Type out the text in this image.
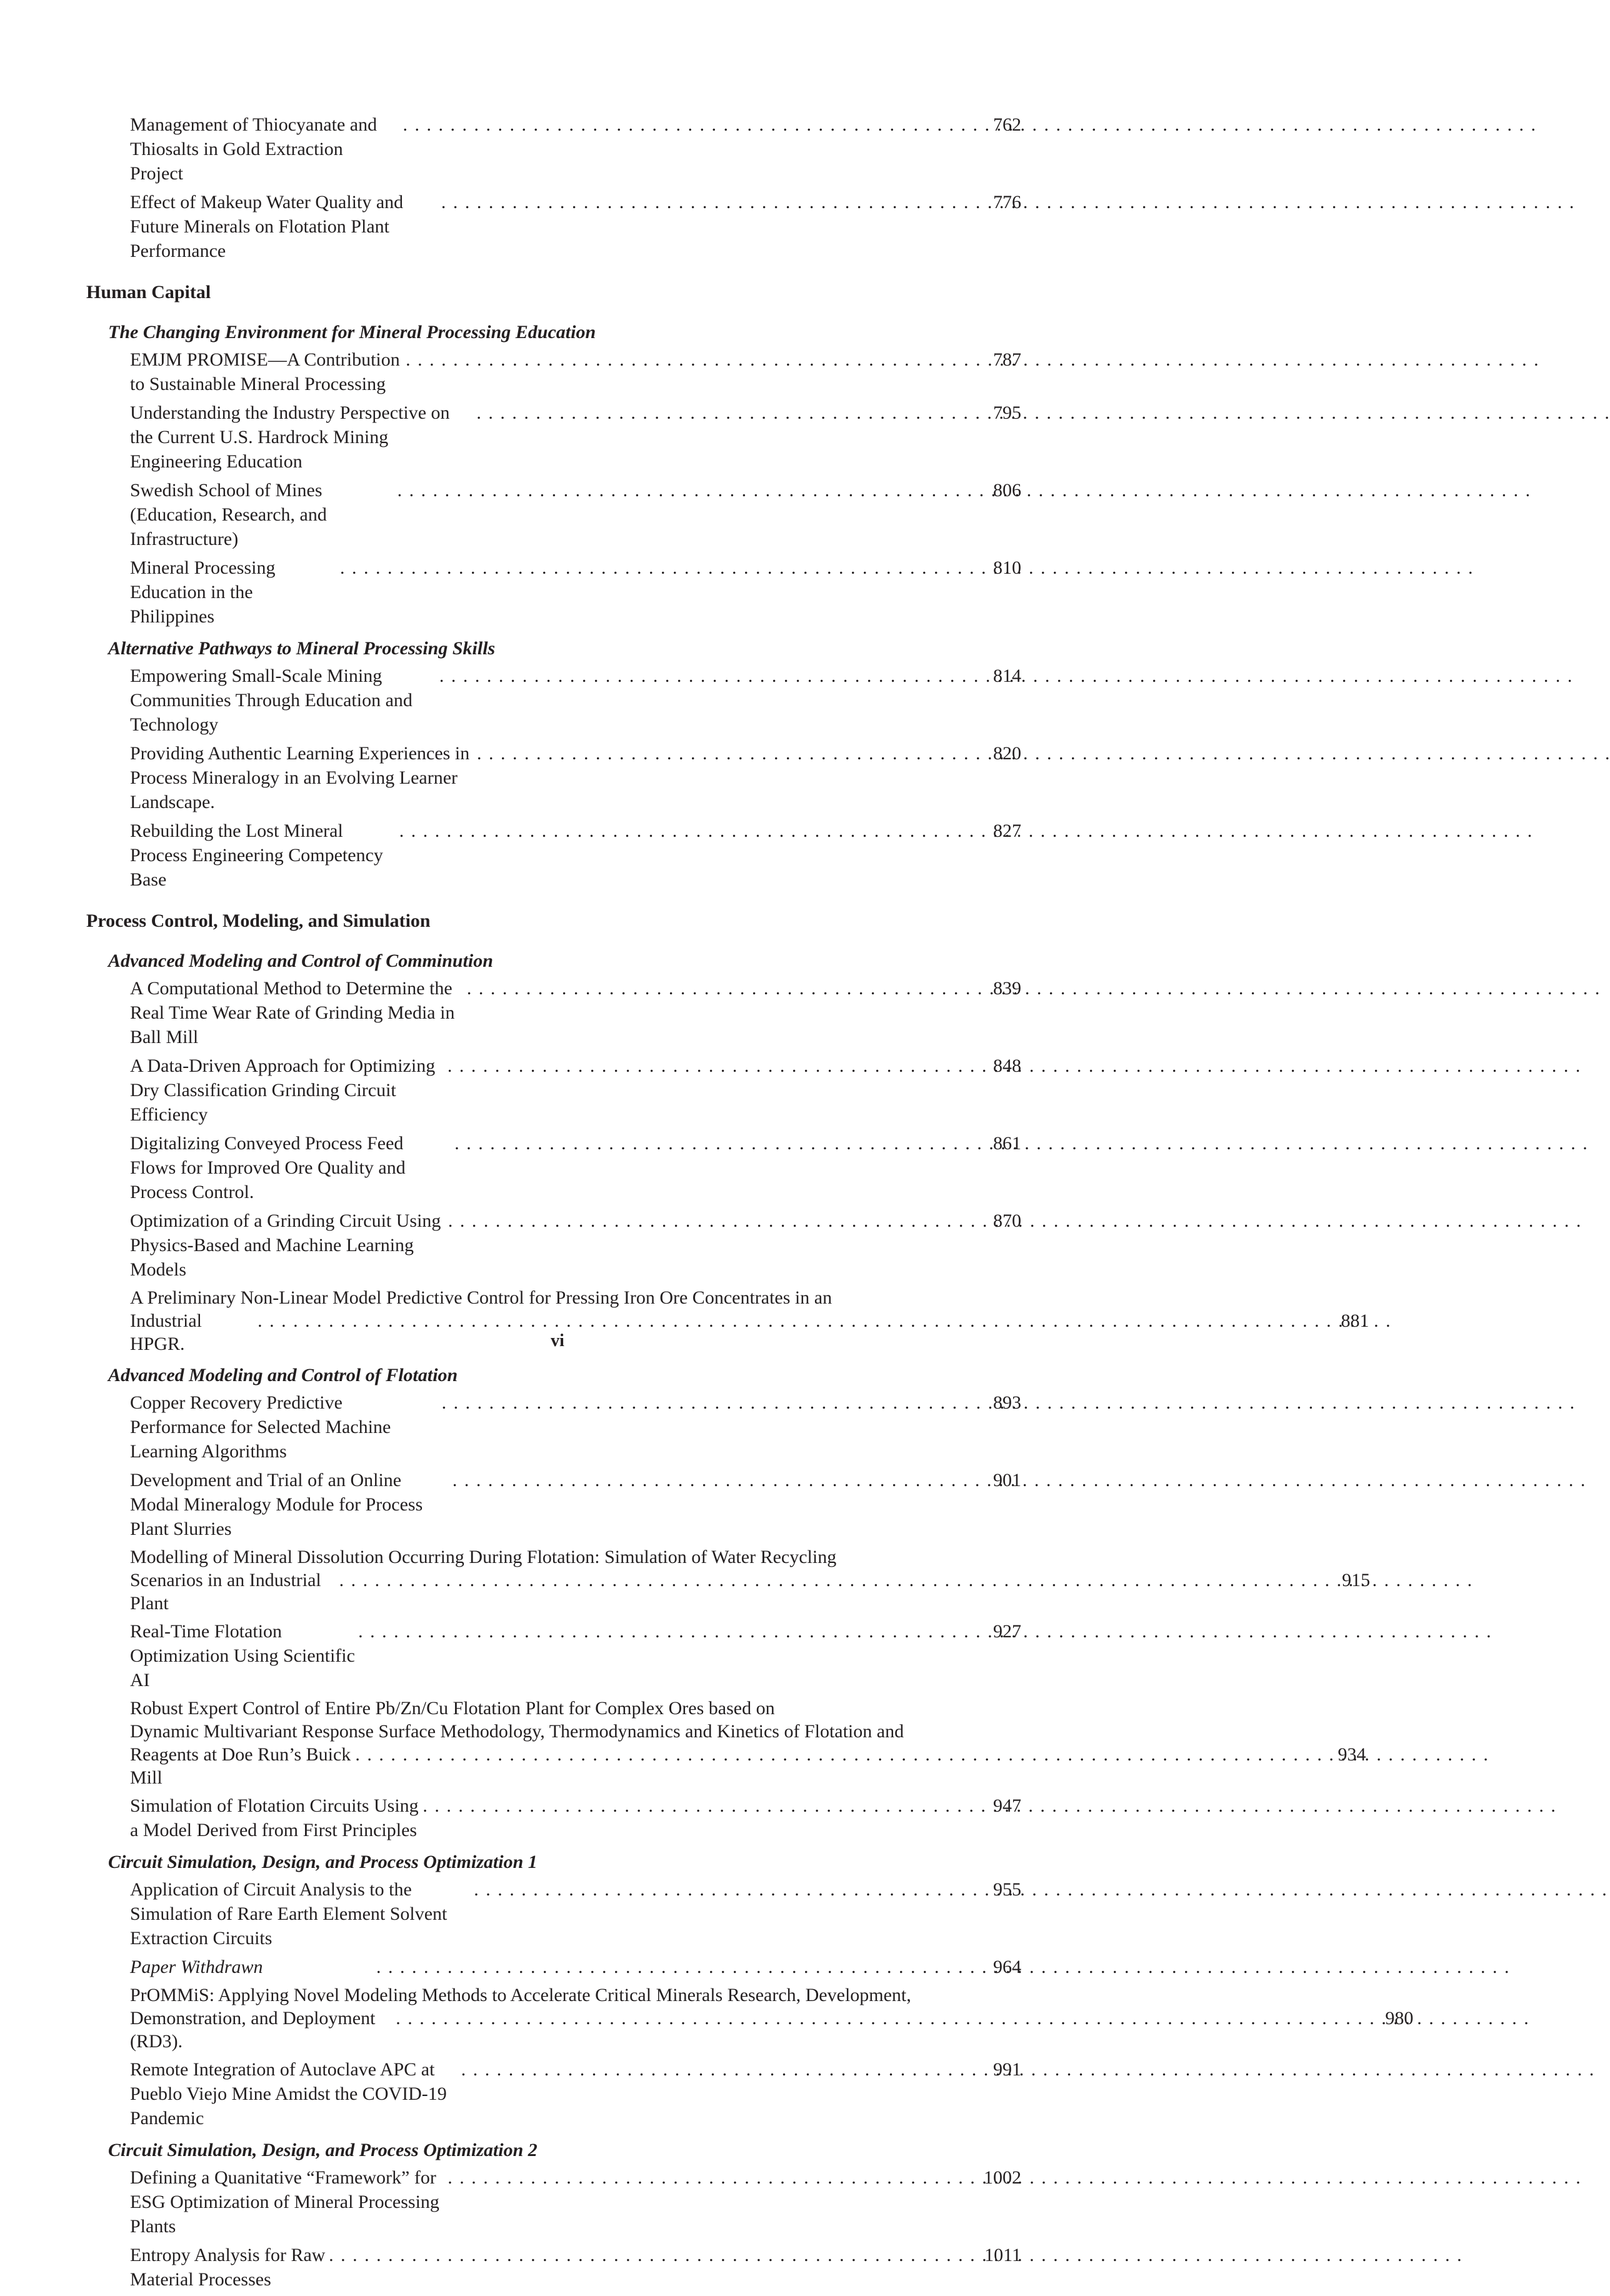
Management of Thiocyanate and Thiosalts in Gold Extraction Project
. . .
762
Effect of Makeup Water Quality and Future Minerals on Flotation Plant Performance
. . .
776
Human Capital
The Changing Environment for Mineral Processing Education
EMJM PROMISE—A Contribution to Sustainable Mineral Processing
. . .
787
Understanding the Industry Perspective on the Current U.S. Hardrock Mining Engineering Education
. . .
795
Swedish School of Mines (Education, Research, and Infrastructure)
. . .
806
Mineral Processing Education in the Philippines
. . .
810
Alternative Pathways to Mineral Processing Skills
Empowering Small-Scale Mining Communities Through Education and Technology
. . .
814
Providing Authentic Learning Experiences in Process Mineralogy in an Evolving Learner Landscape.
. . .
820
Rebuilding the Lost Mineral Process Engineering Competency Base
. . .
827
Process Control, Modeling, and Simulation
Advanced Modeling and Control of Comminution
A Computational Method to Determine the Real Time Wear Rate of Grinding Media in Ball Mill
. . .
839
A Data-Driven Approach for Optimizing Dry Classification Grinding Circuit Efficiency
. . .
848
Digitalizing Conveyed Process Feed Flows for Improved Ore Quality and Process Control.
. . .
861
Optimization of a Grinding Circuit Using Physics-Based and Machine Learning Models
. . .
870
A Preliminary Non-Linear Model Predictive Control for Pressing Iron Ore Concentrates in an
Industrial HPGR.
. . .
881
Advanced Modeling and Control of Flotation
Copper Recovery Predictive Performance for Selected Machine Learning Algorithms
. . .
893
Development and Trial of an Online Modal Mineralogy Module for Process Plant Slurries
. . .
901
Modelling of Mineral Dissolution Occurring During Flotation: Simulation of Water Recycling
Scenarios in an Industrial Plant
. . .
915
Real-Time Flotation Optimization Using Scientific AI
. . .
927
Robust Expert Control of Entire Pb/Zn/Cu Flotation Plant for Complex Ores based on
Dynamic Multivariant Response Surface Methodology, Thermodynamics and Kinetics of Flotation and
Reagents at Doe Run’s Buick Mill
. . .
934
Simulation of Flotation Circuits Using a Model Derived from First Principles
. . .
947
Circuit Simulation, Design, and Process Optimization 1
Application of Circuit Analysis to the Simulation of Rare Earth Element Solvent Extraction Circuits
. . .
955
Paper Withdrawn
. . .	964
PrOMMiS: Applying Novel Modeling Methods to Accelerate Critical Minerals Research, Development,
Demonstration, and Deployment (RD3).
. . .
980
Remote Integration of Autoclave APC at Pueblo Viejo Mine Amidst the COVID-19 Pandemic
. . .
991
Circuit Simulation, Design, and Process Optimization 2
Defining a Quanitative “Framework” for ESG Optimization of Mineral Processing Plants
. . .
1002
Entropy Analysis for Raw Material Processes
. . .
1011
vi
